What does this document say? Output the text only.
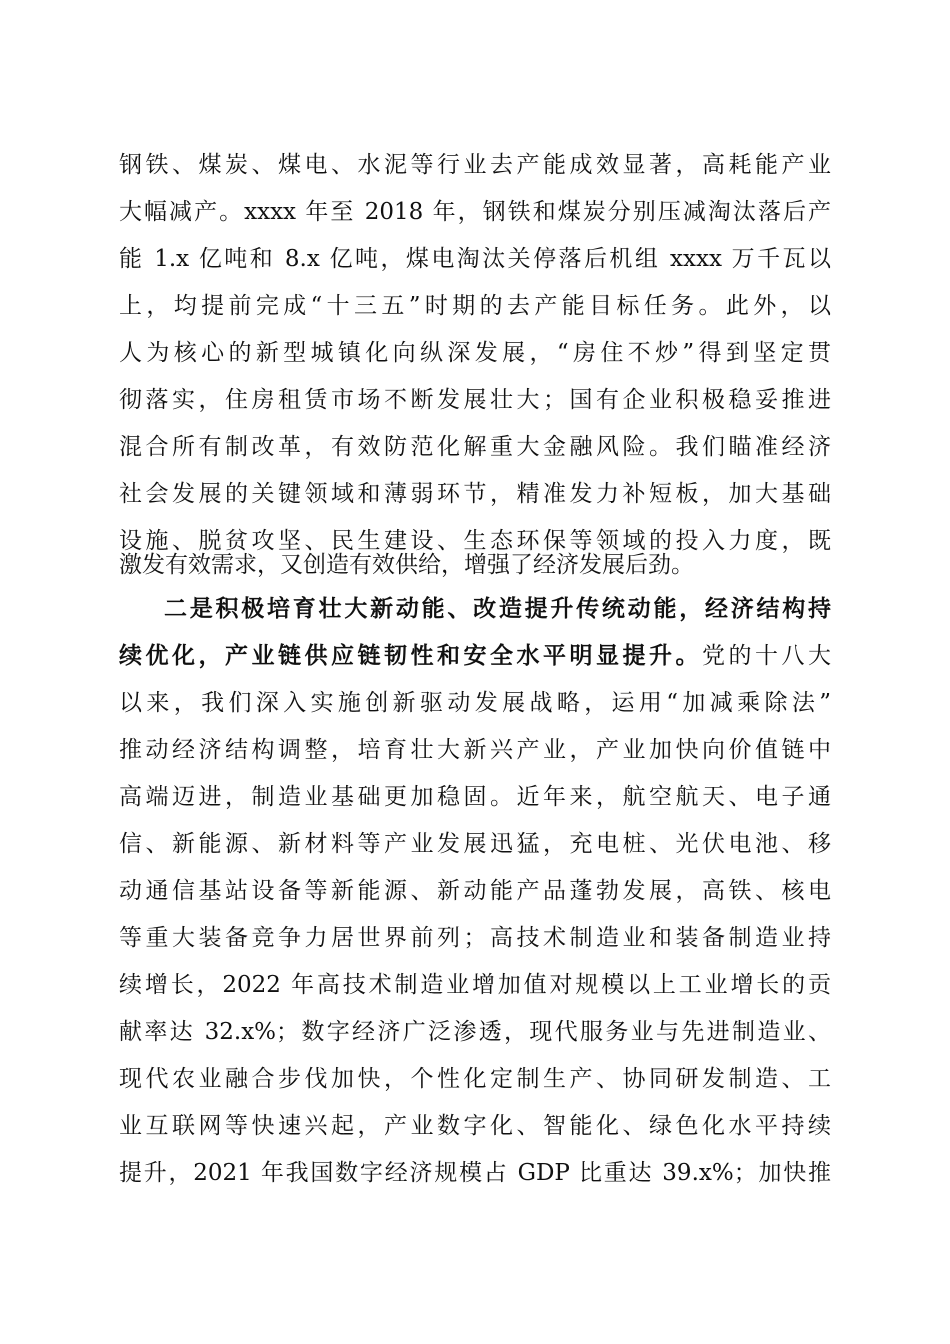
钢铁、煤炭、煤电、水泥等行业去产能成效显著，高耗能产业
大幅减产。xxxx 年至 2018 年，钢铁和煤炭分别压减淘汰落后产
能 1.x 亿吨和 8.x 亿吨，煤电淘汰关停落后机组 xxxx 万千瓦以
上，均提前完成“十三五”时期的去产能目标任务。此外，以
人为核心的新型城镇化向纵深发展，“房住不炒”得到坚定贯
彻落实，住房租赁市场不断发展壮大；国有企业积极稳妥推进
混合所有制改革，有效防范化解重大金融风险。我们瞄准经济
社会发展的关键领域和薄弱环节，精准发力补短板，加大基础
设施、脱贫攻坚、民生建设、生态环保等领域的投入力度，既
激发有效需求，又创造有效供给，增强了经济发展后劲。
二是积极培育壮大新动能、改造提升传统动能，经济结构持
续优化，产业链供应链韧性和安全水平明显提升。党的十八大
以来，我们深入实施创新驱动发展战略，运用“加减乘除法”
推动经济结构调整，培育壮大新兴产业，产业加快向价值链中
高端迈进，制造业基础更加稳固。近年来，航空航天、电子通
信、新能源、新材料等产业发展迅猛，充电桩、光伏电池、移
动通信基站设备等新能源、新动能产品蓬勃发展，高铁、核电
等重大装备竞争力居世界前列；高技术制造业和装备制造业持
续增长，2022 年高技术制造业增加值对规模以上工业增长的贡
献率达 32.x%；数字经济广泛渗透，现代服务业与先进制造业、
现代农业融合步伐加快，个性化定制生产、协同研发制造、工
业互联网等快速兴起，产业数字化、智能化、绿色化水平持续
提升，2021 年我国数字经济规模占 GDP 比重达 39.x%；加快推
